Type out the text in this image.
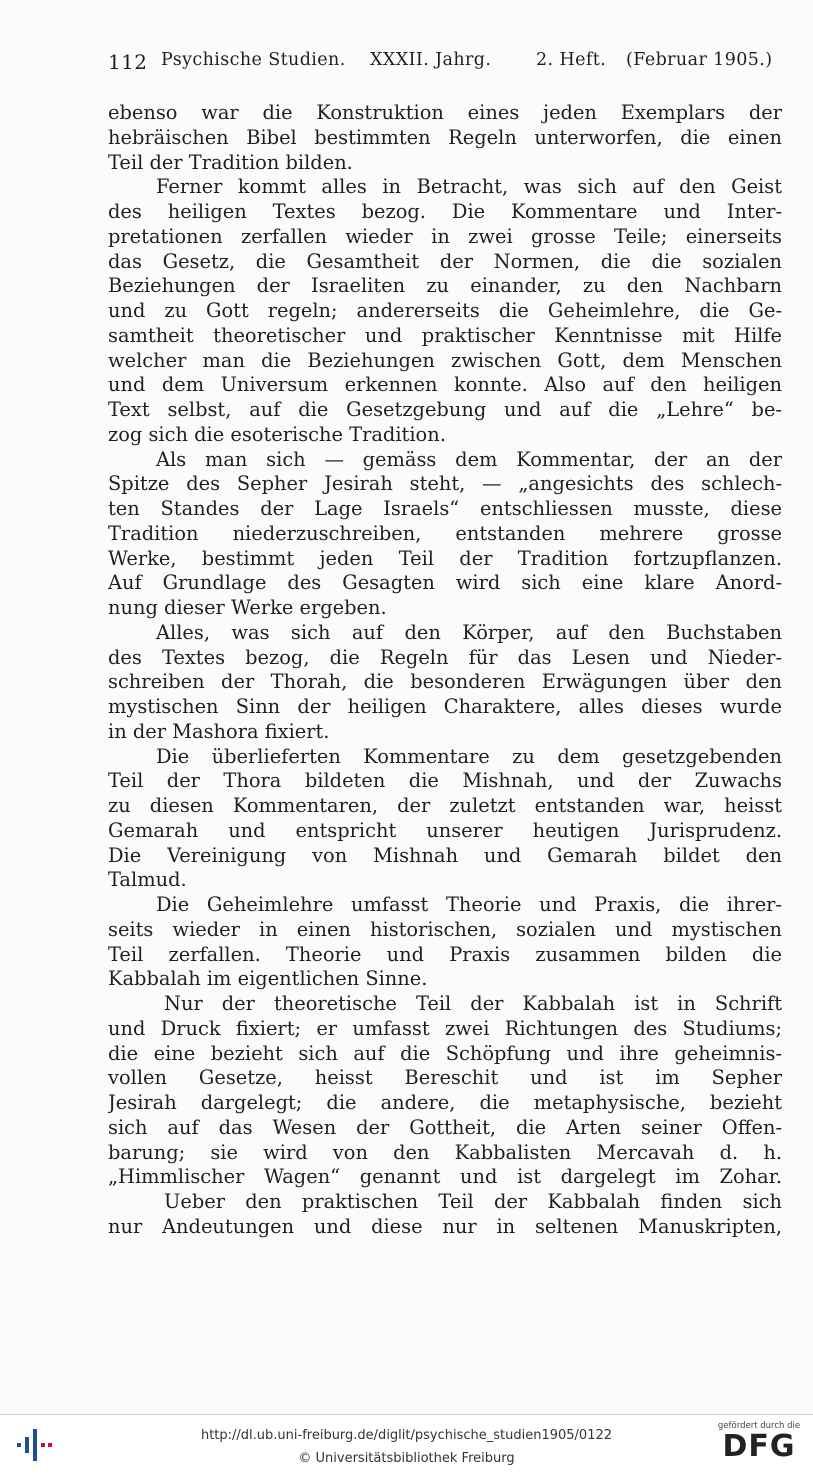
112 Psychische Studien. XXXII. Jahrg.	2. Heft. (Februar 1905.)
ebenso war die Konstruktion eines jeden Exemplars der
hebräischen Bibel bestimmten Regeln unterworfen, die einen
Teil der Tradition bilden.
Ferner kommt alles in Betracht, was sich auf den Geist
des heiligen Textes bezog. Die Kommentare und Inter-
pretationen zerfallen wieder in zwei grosse Teile; einerseits
das Gesetz, die Gesamtheit der Normen, die die sozialen
Beziehungen der Israeliten zu einander, zu den Nachbarn
und zu Gott regeln; andererseits die Geheimlehre, die Ge-
samtheit theoretischer und praktischer Kenntnisse mit Hilfe
welcher man die Beziehungen zwischen Gott, dem Menschen
und dem Universum erkennen konnte. Also auf den heiligen
Text selbst, auf die Gesetzgebung und auf die „Lehre“ be-
zog sich die esoterische Tradition.
Als man sich — gemäss dem Kommentar, der an der
Spitze des Sepher Jesirah steht, — „angesichts des schlech-
ten Standes der Lage Israels“ entschliessen musste, diese
Tradition niederzuschreiben, entstanden mehrere grosse
Werke, bestimmt jeden Teil der Tradition fortzupflanzen.
Auf Grundlage des Gesagten wird sich eine klare Anord-
nung dieser Werke ergeben.
Alles, was sich auf den Körper, auf den Buchstaben
des Textes bezog, die Regeln für das Lesen und Nieder-
schreiben der Thorah, die besonderen Erwägungen über den
mystischen Sinn der heiligen Charaktere, alles dieses wurde
in der Mashora fixiert.
Die überlieferten Kommentare zu dem gesetzgebenden
Teil der Thora bildeten die Mishnah, und der Zuwachs
zu diesen Kommentaren, der zuletzt entstanden war, heisst
Gemarah und entspricht unserer heutigen Jurisprudenz.
Die Vereinigung von Mishnah und Gemarah bildet den
Talmud.
Die Geheimlehre umfasst Theorie und Praxis, die ihrer-
seits wieder in einen historischen, sozialen und mystischen
Teil zerfallen. Theorie und Praxis zusammen bilden die
Kabbalah im eigentlichen Sinne.
Nur der theoretische Teil der Kabbalah ist in Schrift
und Druck fixiert; er umfasst zwei Richtungen des Studiums;
die eine bezieht sich auf die Schöpfung und ihre geheimnis-
vollen Gesetze, heisst Bereschit und ist im Sepher
Jesirah dargelegt; die andere, die metaphysische, bezieht
sich auf das Wesen der Gottheit, die Arten seiner Offen-
barung; sie wird von den Kabbalisten Mercavah d. h.
„Himmlischer Wagen“ genannt und ist dargelegt im Zohar.
Ueber den praktischen Teil der Kabbalah finden sich
nur Andeutungen und diese nur in seltenen Manuskripten,
http://dl.ub.uni-freiburg.de/diglit/psychische_studien1905/0122
© Universitätsbibliothek Freiburg
gefördert durch die
DFG
